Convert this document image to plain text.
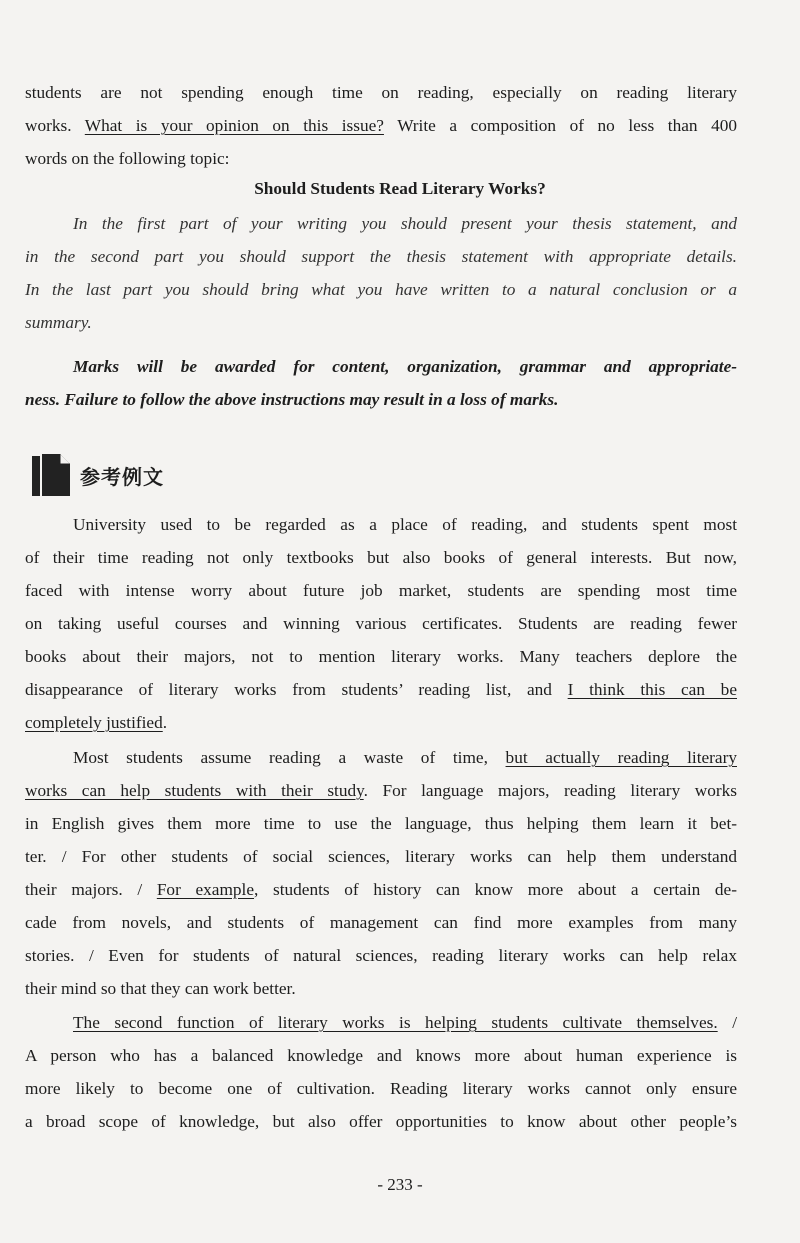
students are not spending enough time on reading, especially on reading literary
works. What is your opinion on this issue? Write a composition of no less than 400
words on the following topic:
Should Students Read Literary Works?
In the first part of your writing you should present your thesis statement, and
in the second part you should support the thesis statement with appropriate details.
In the last part you should bring what you have written to a natural conclusion or a
summary.
Marks will be awarded for content, organization, grammar and appropriate-
ness. Failure to follow the above instructions may result in a loss of marks.
参考例文
University used to be regarded as a place of reading, and students spent most
of their time reading not only textbooks but also books of general interests. But now,
faced with intense worry about future job market, students are spending most time
on taking useful courses and winning various certificates. Students are reading fewer
books about their majors, not to mention literary works. Many teachers deplore the
disappearance of literary works from students’ reading list, and I think this can be
completely justified.
Most students assume reading a waste of time, but actually reading literary
works can help students with their study. For language majors, reading literary works
in English gives them more time to use the language, thus helping them learn it bet-
ter. / For other students of social sciences, literary works can help them understand
their majors. / For example, students of history can know more about a certain de-
cade from novels, and students of management can find more examples from many
stories. / Even for students of natural sciences, reading literary works can help relax
their mind so that they can work better.
The second function of literary works is helping students cultivate themselves. /
A person who has a balanced knowledge and knows more about human experience is
more likely to become one of cultivation. Reading literary works cannot only ensure
a broad scope of knowledge, but also offer opportunities to know about other people’s
- 233 -
